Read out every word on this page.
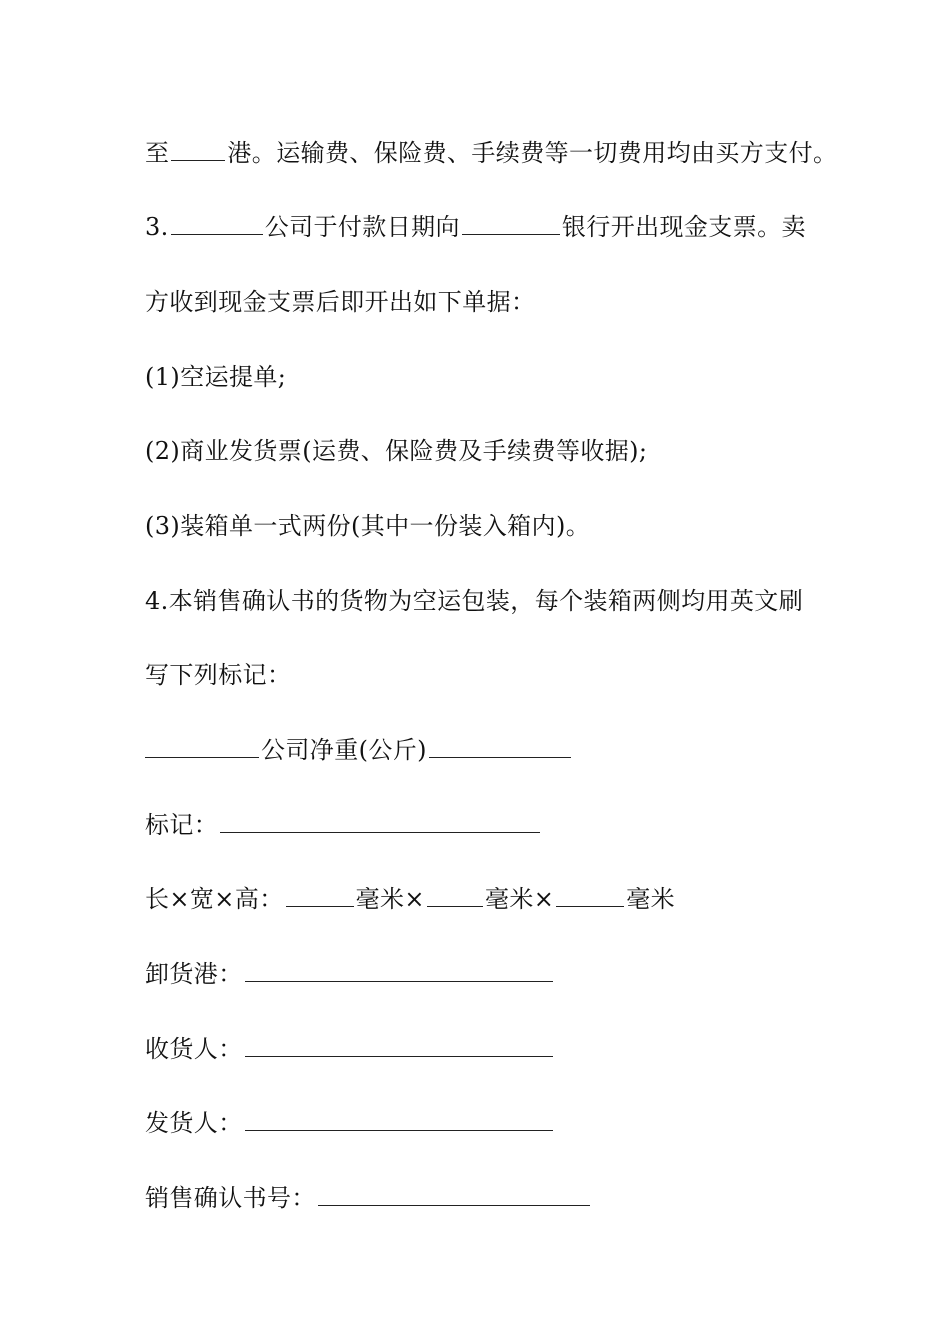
至 港。运输费、保险费、手续费等一切费用均由买方支付。
3.	公司于付款日期向	银行开出现金支票。卖
方收到现金支票后即开出如下单据：
(1)空运提单;
(2)商业发货票(运费、保险费及手续费等收据);
(3)装箱单一式两份(其中一份装入箱内)。
4.本销售确认书的货物为空运包装，每个装箱两侧均用英文刷
写下列标记：
公司净重(公斤)
标记：
长×宽×高：	毫米×	毫米×	毫米
卸货港：
收货人：
发货人：
销售确认书号：
